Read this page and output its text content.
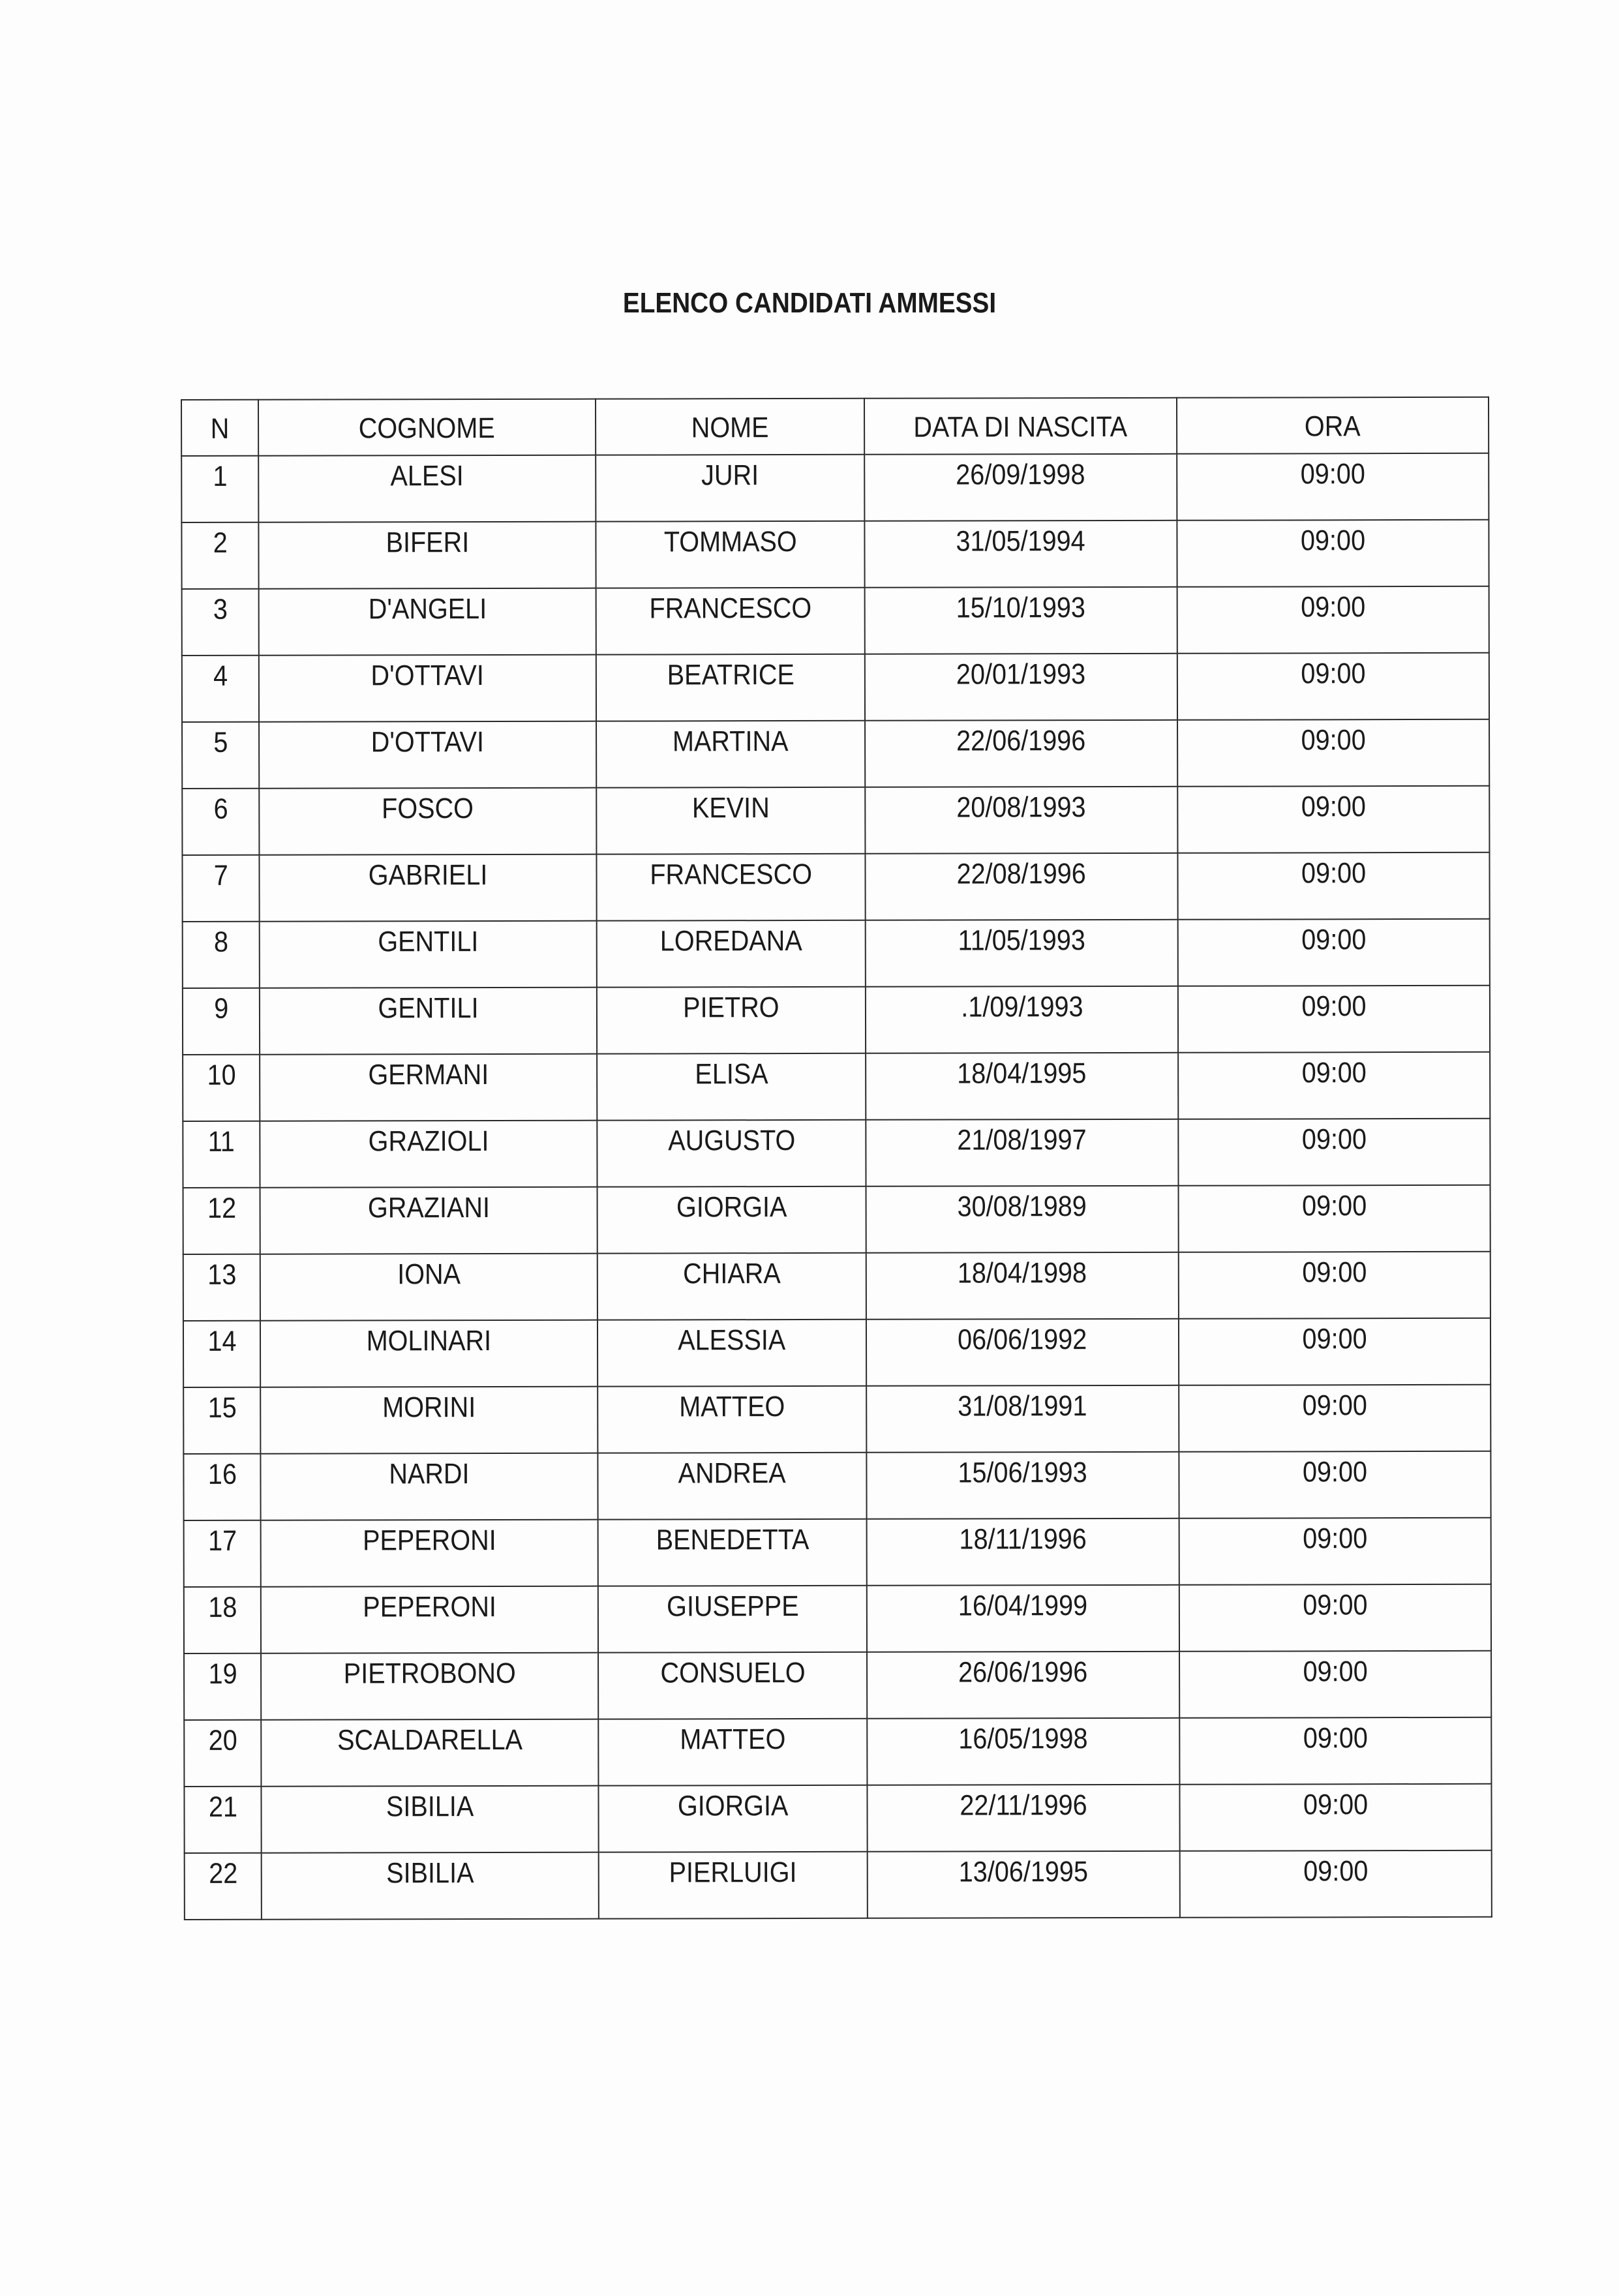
ELENCO CANDIDATI AMMESSI
N	COGNOME	NOME	DATA DI NASCITA	ORA
1	ALESI	JURI	26/09/1998	09:00
2	BIFERI	TOMMASO	31/05/1994	09:00
3	D'ANGELI	FRANCESCO	15/10/1993	09:00
4	D'OTTAVI	BEATRICE	20/01/1993	09:00
5	D'OTTAVI	MARTINA	22/06/1996	09:00
6	FOSCO	KEVIN	20/08/1993	09:00
7	GABRIELI	FRANCESCO	22/08/1996	09:00
8	GENTILI	LOREDANA	11/05/1993	09:00
9	GENTILI	PIETRO	.1/09/1993	09:00
10	GERMANI	ELISA	18/04/1995	09:00
11	GRAZIOLI	AUGUSTO	21/08/1997	09:00
12	GRAZIANI	GIORGIA	30/08/1989	09:00
13	IONA	CHIARA	18/04/1998	09:00
14	MOLINARI	ALESSIA	06/06/1992	09:00
15	MORINI	MATTEO	31/08/1991	09:00
16	NARDI	ANDREA	15/06/1993	09:00
17	PEPERONI	BENEDETTA	18/11/1996	09:00
18	PEPERONI	GIUSEPPE	16/04/1999	09:00
19	PIETROBONO	CONSUELO	26/06/1996	09:00
20	SCALDARELLA	MATTEO	16/05/1998	09:00
21	SIBILIA	GIORGIA	22/11/1996	09:00
22	SIBILIA	PIERLUIGI	13/06/1995	09:00
